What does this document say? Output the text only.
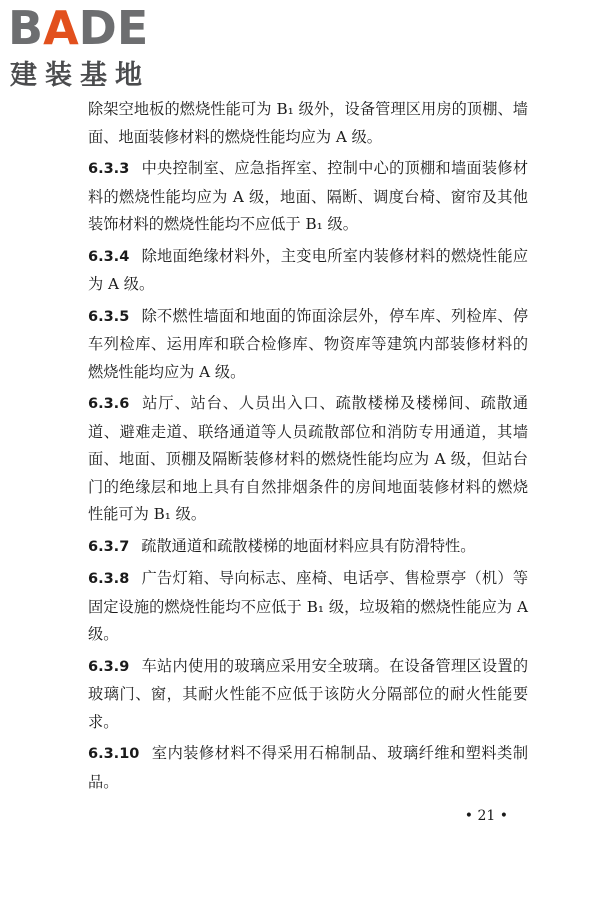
BADE
建装基地

除架空地板的燃烧性能可为 B₁ 级外，设备管理区用房的顶棚、墙面、地面装修材料的燃烧性能均应为 A 级。

6.3.3 中央控制室、应急指挥室、控制中心的顶棚和墙面装修材料的燃烧性能均应为 A 级，地面、隔断、调度台椅、窗帘及其他装饰材料的燃烧性能均不应低于 B₁ 级。

6.3.4 除地面绝缘材料外，主变电所室内装修材料的燃烧性能应为 A 级。

6.3.5 除不燃性墙面和地面的饰面涂层外，停车库、列检库、停车列检库、运用库和联合检修库、物资库等建筑内部装修材料的燃烧性能均应为 A 级。

6.3.6 站厅、站台、人员出入口、疏散楼梯及楼梯间、疏散通道、避难走道、联络通道等人员疏散部位和消防专用通道，其墙面、地面、顶棚及隔断装修材料的燃烧性能均应为 A 级，但站台门的绝缘层和地上具有自然排烟条件的房间地面装修材料的燃烧性能可为 B₁ 级。

6.3.7 疏散通道和疏散楼梯的地面材料应具有防滑特性。

6.3.8 广告灯箱、导向标志、座椅、电话亭、售检票亭（机）等固定设施的燃烧性能均不应低于 B₁ 级，垃圾箱的燃烧性能应为 A 级。

6.3.9 车站内使用的玻璃应采用安全玻璃。在设备管理区设置的玻璃门、窗，其耐火性能不应低于该防火分隔部位的耐火性能要求。

6.3.10 室内装修材料不得采用石棉制品、玻璃纤维和塑料类制品。

• 21 •
